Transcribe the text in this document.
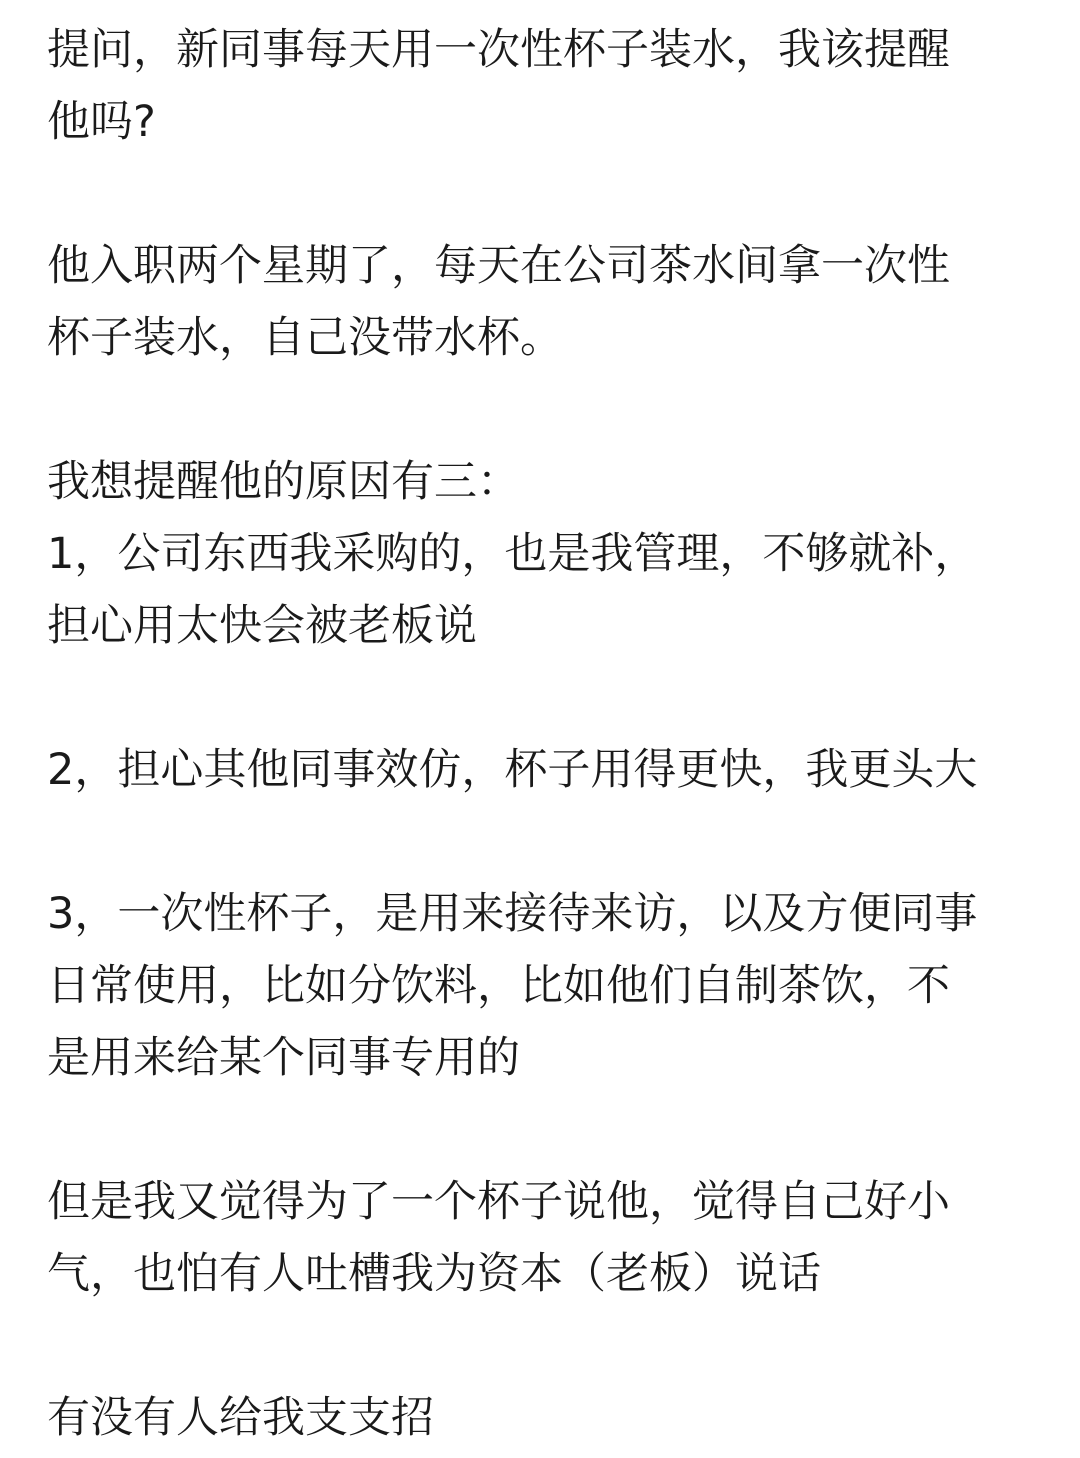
提问，新同事每天用一次性杯子装水，我该提醒
他吗?
他入职两个星期了，每天在公司茶水间拿一次性
杯子装水，自己没带水杯。
我想提醒他的原因有三：
1，公司东西我采购的，也是我管理，不够就补，
担心用太快会被老板说
2，担心其他同事效仿，杯子用得更快，我更头大
3，一次性杯子，是用来接待来访，以及方便同事
日常使用，比如分饮料，比如他们自制茶饮，不
是用来给某个同事专用的
但是我又觉得为了一个杯子说他，觉得自己好小
气，也怕有人吐槽我为资本（老板）说话
有没有人给我支支招
